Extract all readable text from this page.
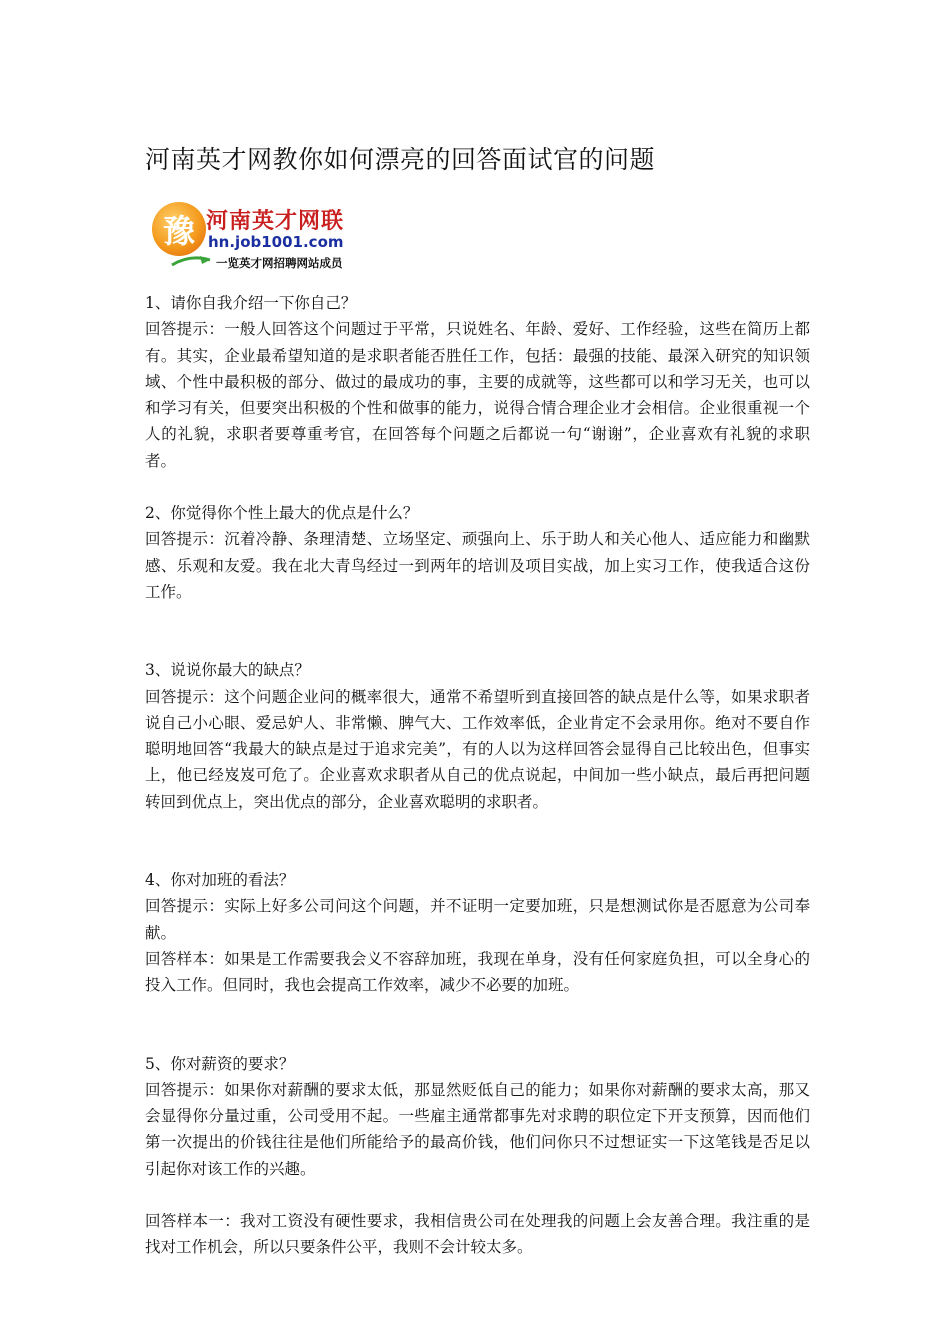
河南英才网教你如何漂亮的回答面试官的问题
豫 河南英才网联
hn.job1001.com
一览英才网招聘网站成员

1、请你自我介绍一下你自己？

回答提示：一般人回答这个问题过于平常，只说姓名、年龄、爱好、工作经验，这些在简历上都有。其实，企业最希望知道的是求职者能否胜任工作，包括：最强的技能、最深入研究的知识领域、个性中最积极的部分、做过的最成功的事，主要的成就等，这些都可以和学习无关，也可以和学习有关，但要突出积极的个性和做事的能力，说得合情合理企业才会相信。企业很重视一个人的礼貌，求职者要尊重考官，在回答每个问题之后都说一句“谢谢”，企业喜欢有礼貌的求职者。

2、你觉得你个性上最大的优点是什么？

回答提示：沉着冷静、条理清楚、立场坚定、顽强向上、乐于助人和关心他人、适应能力和幽默感、乐观和友爱。我在北大青鸟经过一到两年的培训及项目实战，加上实习工作，使我适合这份工作。

3、说说你最大的缺点？

回答提示：这个问题企业问的概率很大，通常不希望听到直接回答的缺点是什么等，如果求职者说自己小心眼、爱忌妒人、非常懒、脾气大、工作效率低，企业肯定不会录用你。绝对不要自作聪明地回答“我最大的缺点是过于追求完美”，有的人以为这样回答会显得自己比较出色，但事实上，他已经岌岌可危了。企业喜欢求职者从自己的优点说起，中间加一些小缺点，最后再把问题转回到优点上，突出优点的部分，企业喜欢聪明的求职者。

4、你对加班的看法？

回答提示：实际上好多公司问这个问题，并不证明一定要加班，只是想测试你是否愿意为公司奉献。

回答样本：如果是工作需要我会义不容辞加班，我现在单身，没有任何家庭负担，可以全身心的投入工作。但同时，我也会提高工作效率，减少不必要的加班。

5、你对薪资的要求？

回答提示：如果你对薪酬的要求太低，那显然贬低自己的能力；如果你对薪酬的要求太高，那又会显得你分量过重，公司受用不起。一些雇主通常都事先对求聘的职位定下开支预算，因而他们第一次提出的价钱往往是他们所能给予的最高价钱，他们问你只不过想证实一下这笔钱是否足以引起你对该工作的兴趣。

回答样本一：我对工资没有硬性要求，我相信贵公司在处理我的问题上会友善合理。我注重的是找对工作机会，所以只要条件公平，我则不会计较太多。
